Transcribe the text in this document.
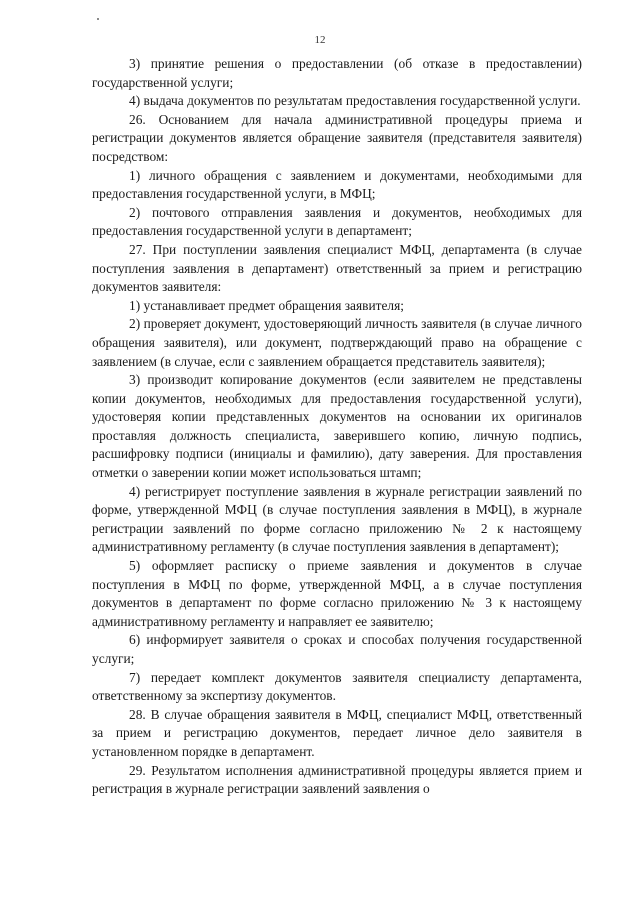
12

3) принятие решения о предоставлении (об отказе в предоставлении) государственной услуги;

4) выдача документов по результатам предоставления государственной услуги.

26. Основанием для начала административной процедуры приема и регистрации документов является обращение заявителя (представителя заявителя) посредством:

1) личного обращения с заявлением и документами, необходимыми для предоставления государственной услуги, в МФЦ;

2) почтового отправления заявления и документов, необходимых для предоставления государственной услуги в департамент;

27. При поступлении заявления специалист МФЦ, департамента (в случае поступления заявления в департамент) ответственный за прием и регистрацию документов заявителя:

1) устанавливает предмет обращения заявителя;

2) проверяет документ, удостоверяющий личность заявителя (в случае личного обращения заявителя), или документ, подтверждающий право на обращение с заявлением (в случае, если с заявлением обращается представитель заявителя);

3) производит копирование документов (если заявителем не представлены копии документов, необходимых для предоставления государственной услуги), удостоверяя копии представленных документов на основании их оригиналов проставляя должность специалиста, заверившего копию, личную подпись, расшифровку подписи (инициалы и фамилию), дату заверения. Для проставления отметки о заверении копии может использоваться штамп;

4) регистрирует поступление заявления в журнале регистрации заявлений по форме, утвержденной МФЦ (в случае поступления заявления в МФЦ), в журнале регистрации заявлений по форме согласно приложению № 2 к настоящему административному регламенту (в случае поступления заявления в департамент);

5) оформляет расписку о приеме заявления и документов в случае поступления в МФЦ по форме, утвержденной МФЦ, а в случае поступления документов в департамент по форме согласно приложению № 3 к настоящему административному регламенту и направляет ее заявителю;

6) информирует заявителя о сроках и способах получения государственной услуги;

7) передает комплект документов заявителя специалисту департамента, ответственному за экспертизу документов.

28. В случае обращения заявителя в МФЦ, специалист МФЦ, ответственный за прием и регистрацию документов, передает личное дело заявителя в установленном порядке в департамент.

29. Результатом исполнения административной процедуры является прием и регистрация в журнале регистрации заявлений заявления о
